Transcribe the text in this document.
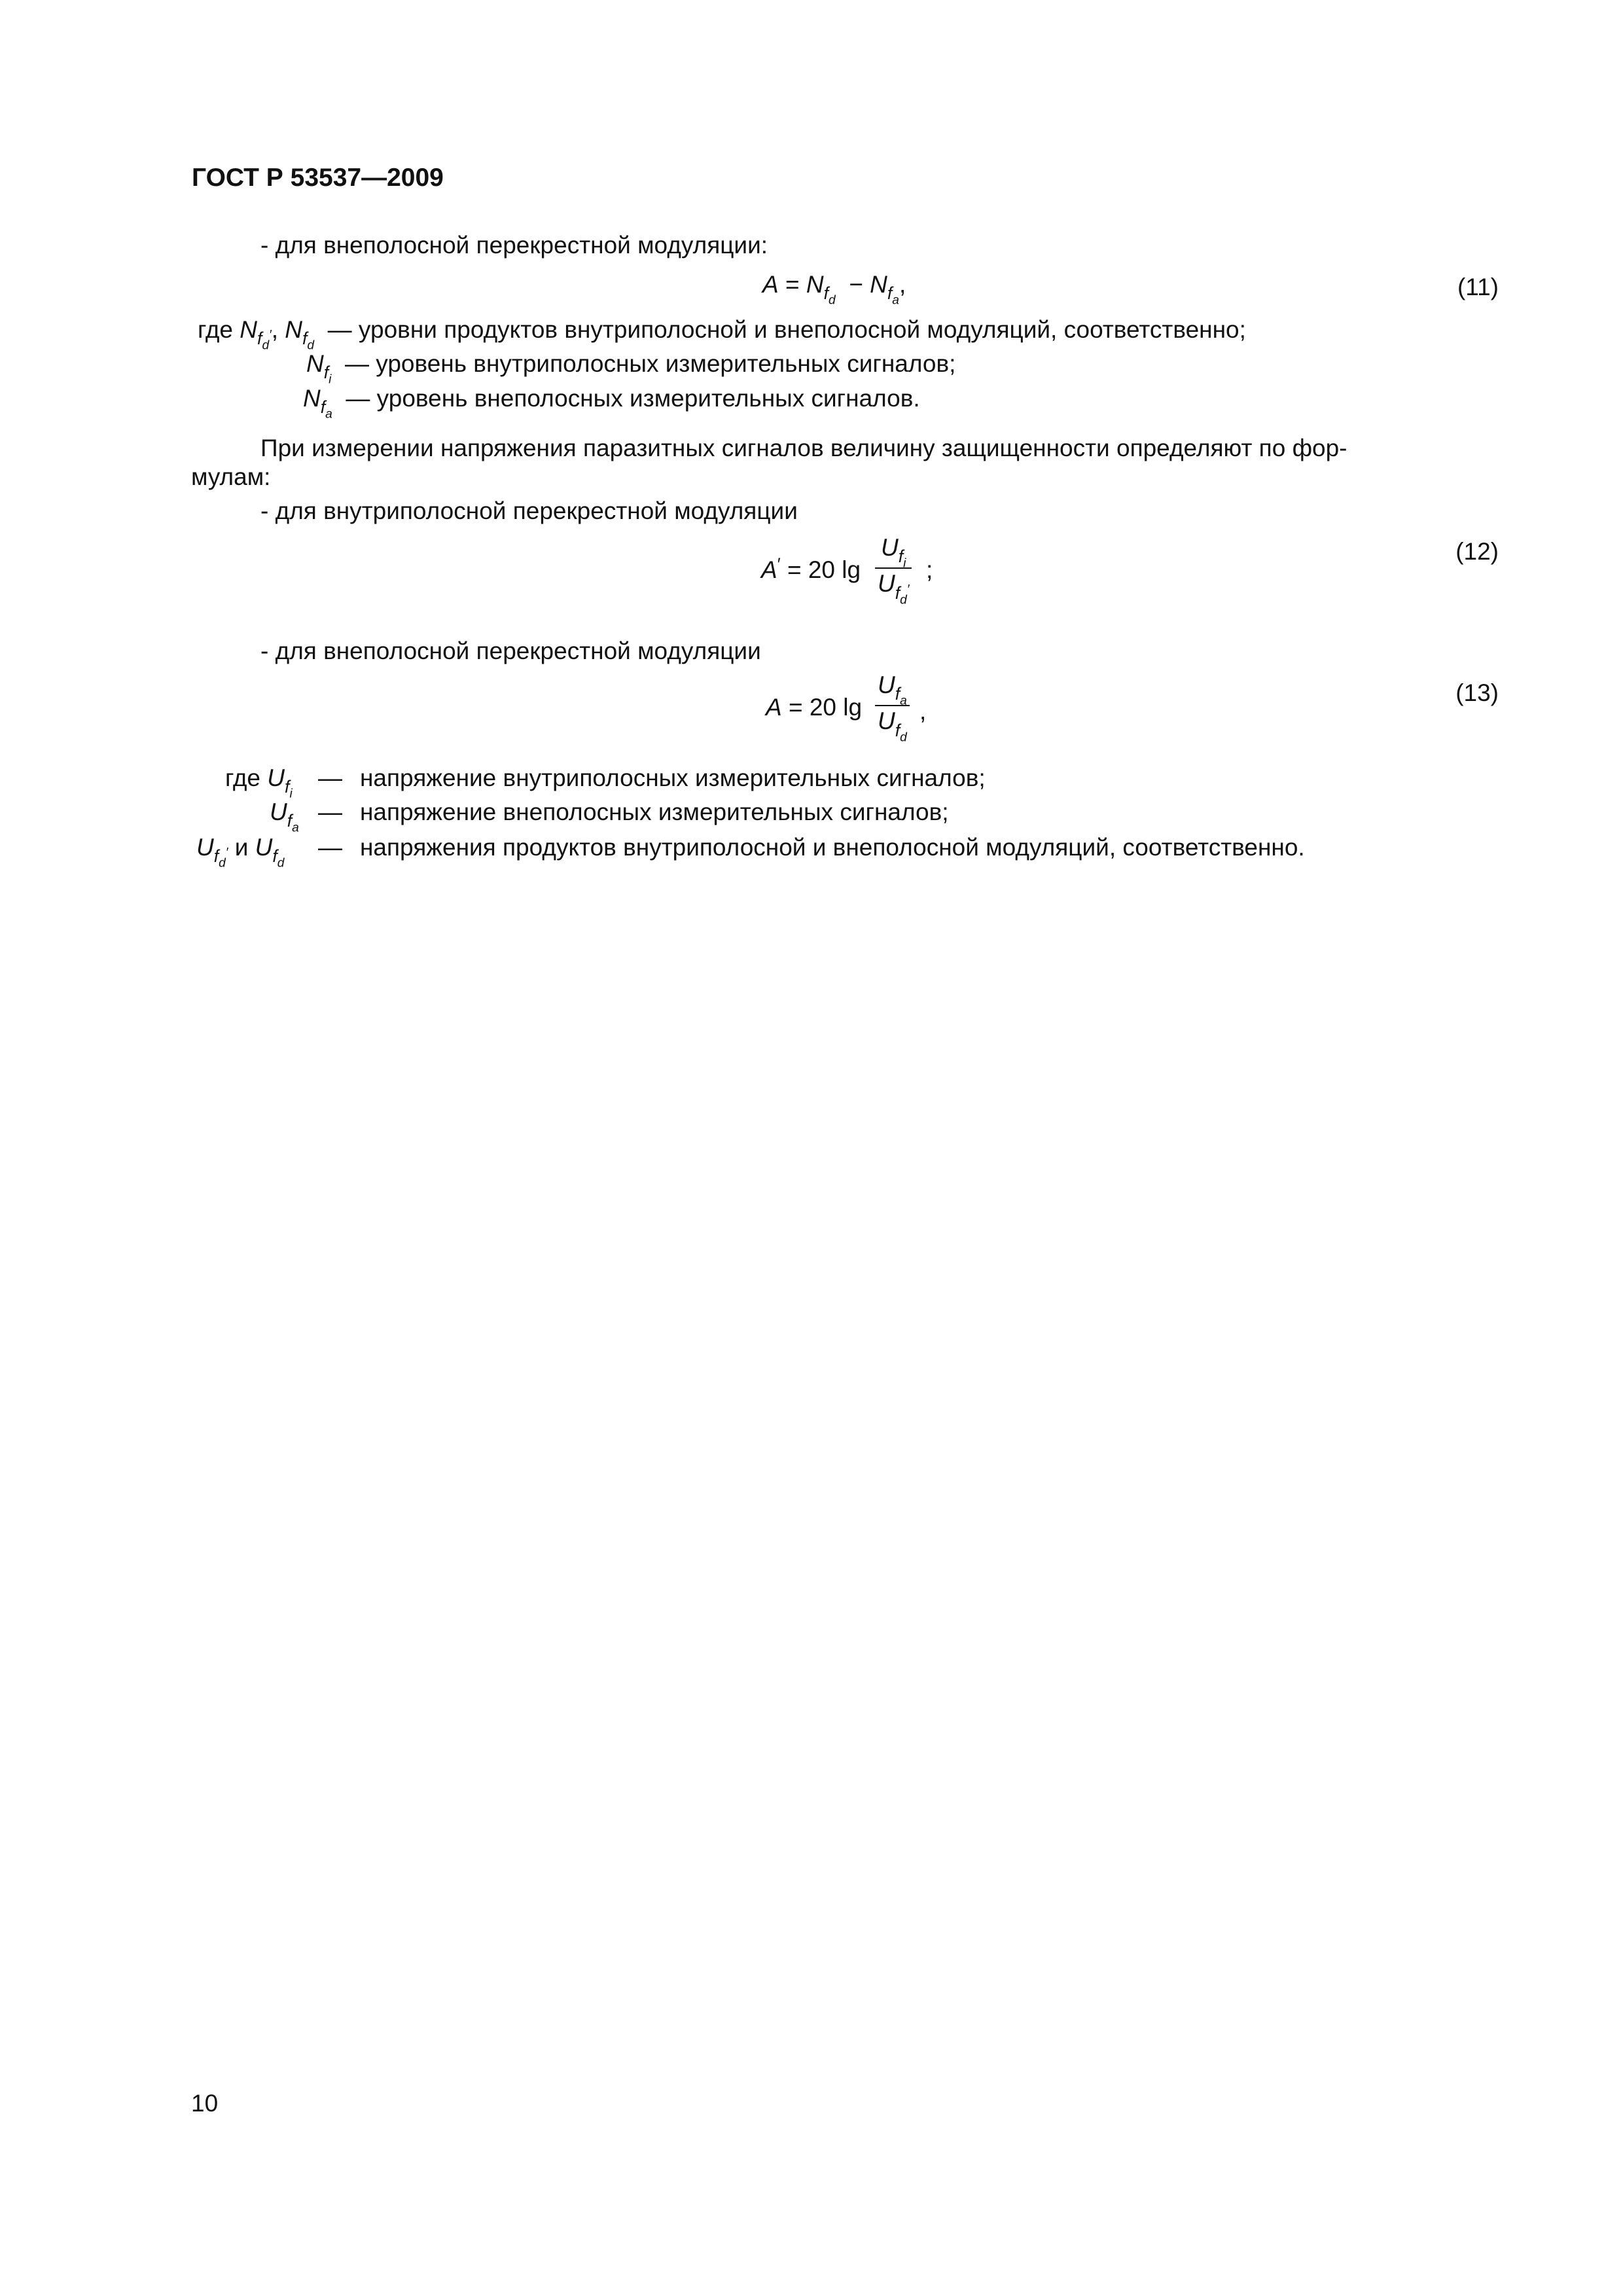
ГОСТ Р 53537—2009
- для внеполосной перекрестной модуляции:
$A = N_{f_d} - N_{f_a}$,	(11)
где $N_{f_d'}$, $N_{f_d}$  — уровни продуктов внутриполосной и внеполосной модуляций, соответственно;
$N_{f_i}$  — уровень внутриполосных измерительных сигналов;
$N_{f_a}$  — уровень внеполосных измерительных сигналов.
При измерении напряжения паразитных сигналов величину защищенности определяют по фор-
мулам:
- для внутриполосной перекрестной модуляции
A′ = 20 lg
$U_{f_i}$
$U_{f_d'}$
;
(12)
- для внеполосной перекрестной модуляции
A = 20 lg
$U_{f_a}$
$U_{f_d}$
,
(13)
где $U_{f_i}$
— напряжение внутриполосных измерительных сигналов;
$U_{f_a}$
— напряжение внеполосных измерительных сигналов;
$U_{f_d'}$ и $U_{f_d}$
— напряжения продуктов внутриполосной и внеполосной модуляций, соответственно.
10
